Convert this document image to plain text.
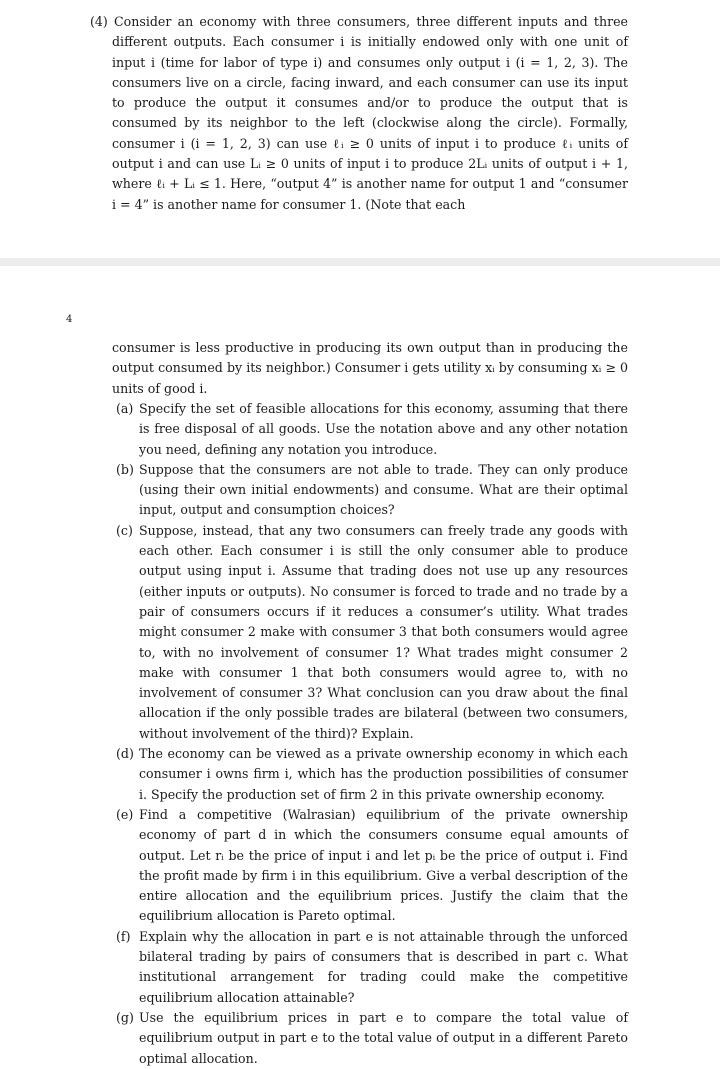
(4) Consider an economy with three consumers, three different inputs and three different outputs. Each consumer i is initially endowed only with one unit of input i (time for labor of type i) and consumes only output i (i = 1, 2, 3). The consumers live on a circle, facing inward, and each consumer can use its input to produce the output it consumes and/or to produce the output that is consumed by its neighbor to the left (clockwise along the circle). Formally, consumer i (i = 1, 2, 3) can use ℓᵢ ≥ 0 units of input i to produce ℓᵢ units of output i and can use Lᵢ ≥ 0 units of input i to produce 2Lᵢ units of output i + 1, where ℓᵢ + Lᵢ ≤ 1. Here, “output 4” is another name for output 1 and “consumer i = 4” is another name for consumer 1. (Note that each

4

consumer is less productive in producing its own output than in producing the output consumed by its neighbor.) Consumer i gets utility xᵢ by consuming xᵢ ≥ 0 units of good i.

(a) Specify the set of feasible allocations for this economy, assuming that there is free disposal of all goods. Use the notation above and any other notation you need, defining any notation you introduce.
(b) Suppose that the consumers are not able to trade. They can only produce (using their own initial endowments) and consume. What are their optimal input, output and consumption choices?
(c) Suppose, instead, that any two consumers can freely trade any goods with each other. Each consumer i is still the only consumer able to produce output using input i. Assume that trading does not use up any resources (either inputs or outputs). No consumer is forced to trade and no trade by a pair of consumers occurs if it reduces a consumer’s utility. What trades might consumer 2 make with consumer 3 that both consumers would agree to, with no involvement of consumer 1? What trades might consumer 2 make with consumer 1 that both consumers would agree to, with no involvement of consumer 3? What conclusion can you draw about the final allocation if the only possible trades are bilateral (between two consumers, without involvement of the third)? Explain.
(d) The economy can be viewed as a private ownership economy in which each consumer i owns firm i, which has the production possibilities of consumer i. Specify the production set of firm 2 in this private ownership economy.
(e) Find a competitive (Walrasian) equilibrium of the private ownership economy of part d in which the consumers consume equal amounts of output. Let rᵢ be the price of input i and let pᵢ be the price of output i. Find the profit made by firm i in this equilibrium. Give a verbal description of the entire allocation and the equilibrium prices. Justify the claim that the equilibrium allocation is Pareto optimal.
(f) Explain why the allocation in part e is not attainable through the unforced bilateral trading by pairs of consumers that is described in part c. What institutional arrangement for trading could make the competitive equilibrium allocation attainable?
(g) Use the equilibrium prices in part e to compare the total value of equilibrium output in part e to the total value of output in a different Pareto optimal allocation.
